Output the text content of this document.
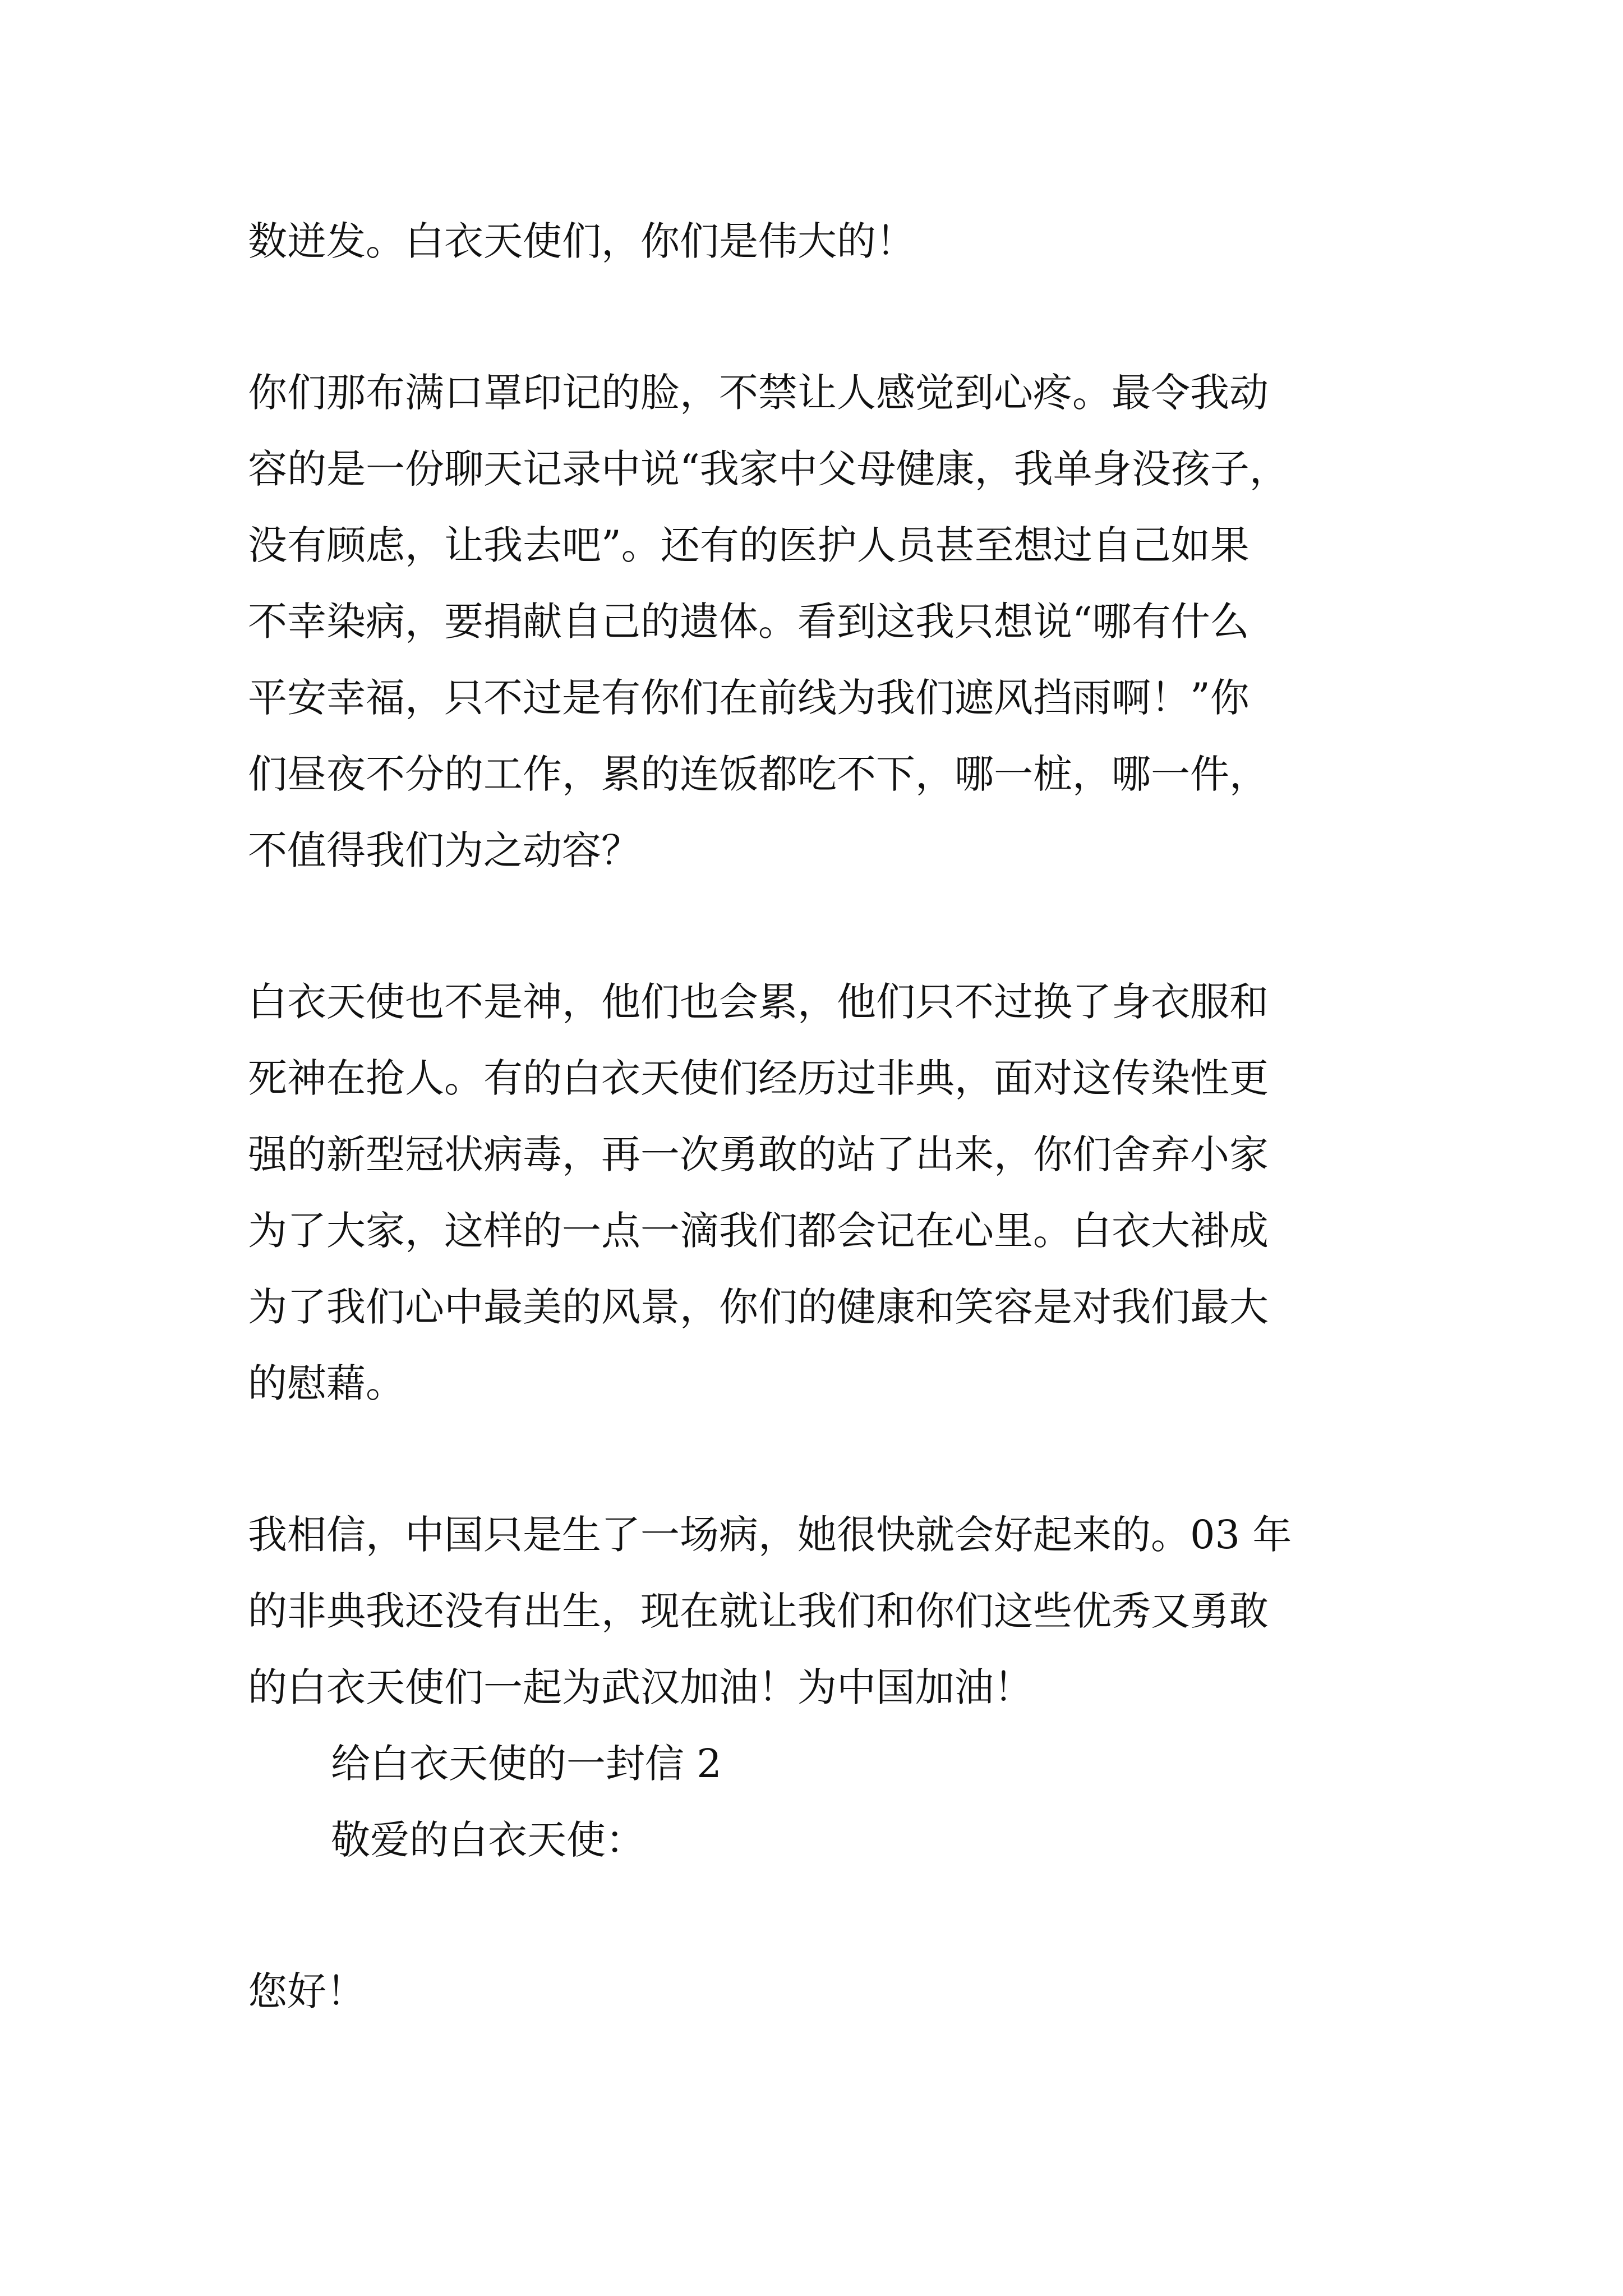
数迸发。白衣天使们，你们是伟大的！

你们那布满口罩印记的脸，不禁让人感觉到心疼。最令我动

容的是一份聊天记录中说“我家中父母健康，我单身没孩子，

没有顾虑，让我去吧”。还有的医护人员甚至想过自己如果

不幸染病，要捐献自己的遗体。看到这我只想说“哪有什么

平安幸福，只不过是有你们在前线为我们遮风挡雨啊！”你

们昼夜不分的工作，累的连饭都吃不下，哪一桩，哪一件，

不值得我们为之动容？

白衣天使也不是神，他们也会累，他们只不过换了身衣服和

死神在抢人。有的白衣天使们经历过非典，面对这传染性更

强的新型冠状病毒，再一次勇敢的站了出来，你们舍弃小家

为了大家，这样的一点一滴我们都会记在心里。白衣大褂成

为了我们心中最美的风景，你们的健康和笑容是对我们最大

的慰藉。

我相信，中国只是生了一场病，她很快就会好起来的。03 年

的非典我还没有出生，现在就让我们和你们这些优秀又勇敢

的白衣天使们一起为武汉加油！为中国加油！

给白衣天使的一封信 2

敬爱的白衣天使：

您好！
